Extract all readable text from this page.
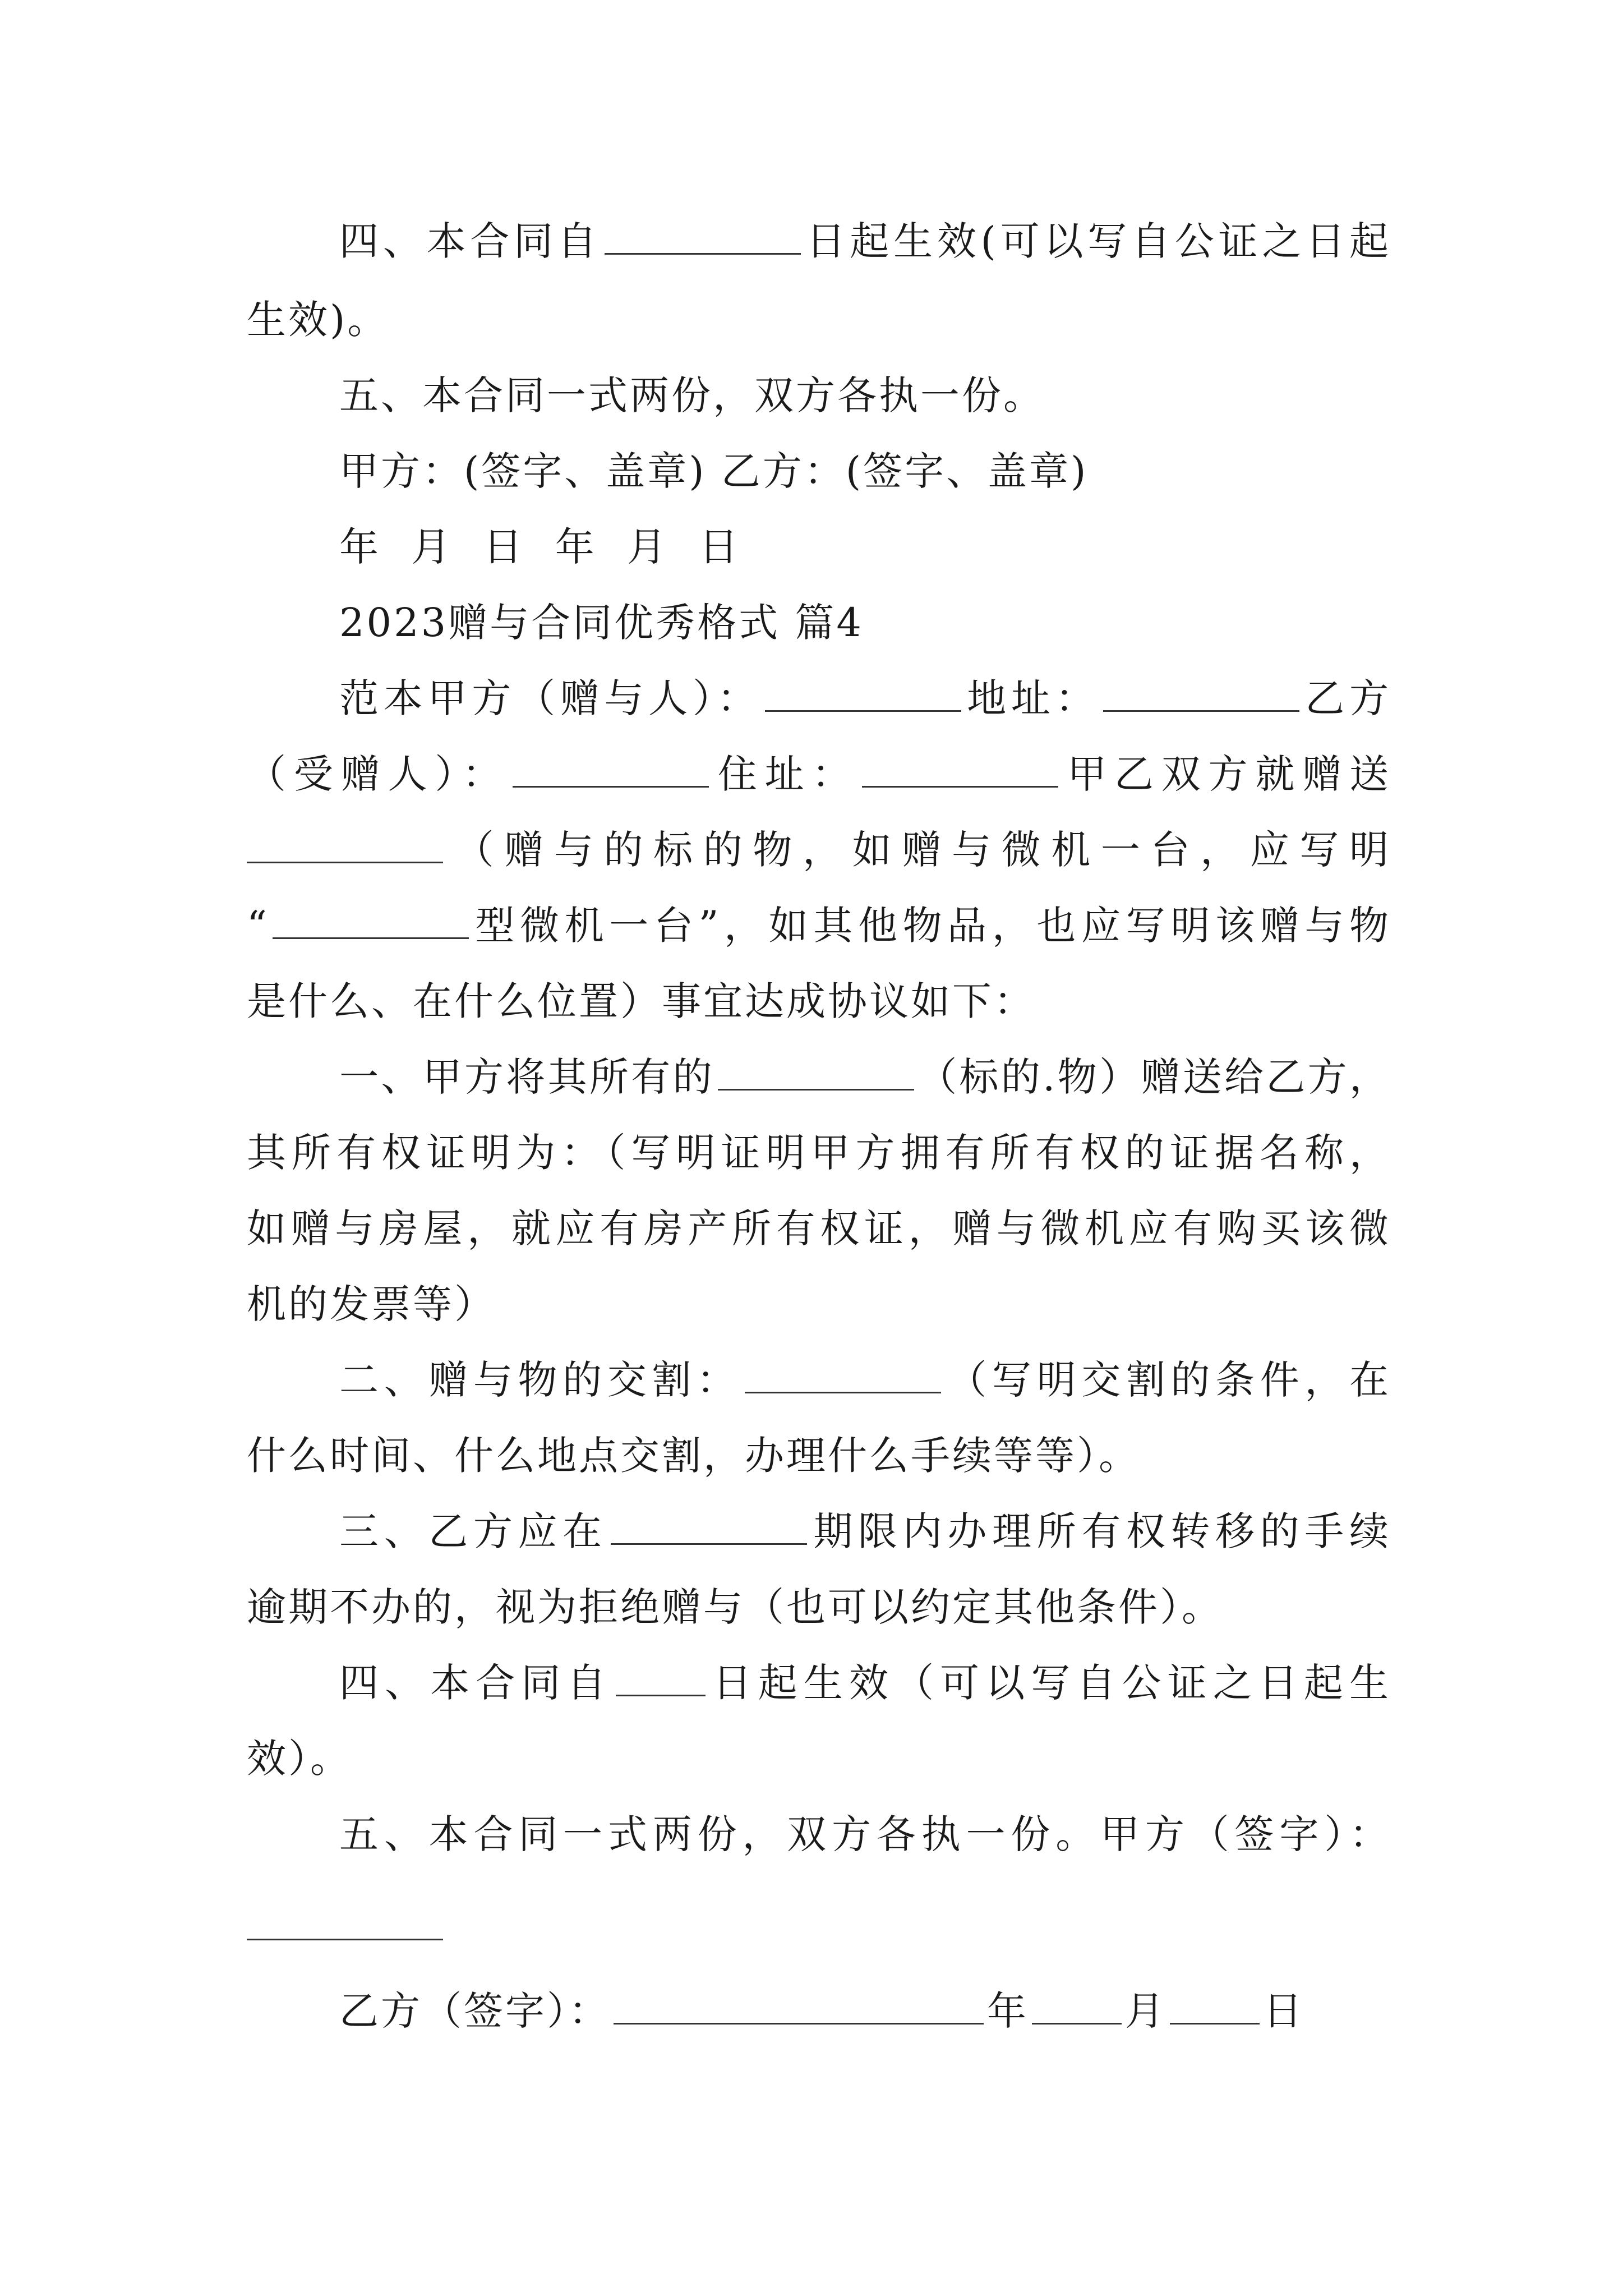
四、本合同自	日起生效(可以写自公证之日起
生效)。
五、本合同一式两份，双方各执一份。
甲方：(签字、盖章) 乙方：(签字、盖章)
年 月 日 年 月 日
2023赠与合同优秀格式 篇4
范本甲方（赠与人）：	地址：	乙方
（受赠人）：	住址：	甲乙双方就赠送
（赠与的标的物，如赠与微机一台，应写明
“	型微机一台”，如其他物品，也应写明该赠与物
是什么、在什么位置）事宜达成协议如下：
一、甲方将其所有的	（标的.物）赠送给乙方，
其所有权证明为：（写明证明甲方拥有所有权的证据名称，
如赠与房屋，就应有房产所有权证，赠与微机应有购买该微
机的发票等）
二、赠与物的交割：	（写明交割的条件，在
什么时间、什么地点交割，办理什么手续等等）。
三、乙方应在	期限内办理所有权转移的手续
逾期不办的，视为拒绝赠与（也可以约定其他条件）。
四、本合同自 日起生效（可以写自公证之日起生
效）。
五、本合同一式两份，双方各执一份。甲方（签字）：
乙方（签字）：	年 月 日
